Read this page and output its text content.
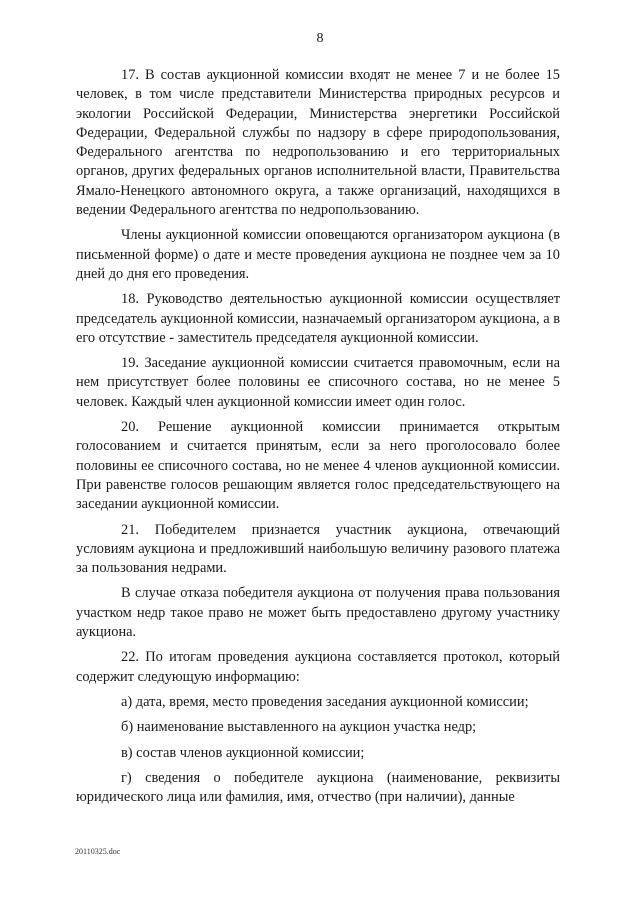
8

17. В состав аукционной комиссии входят не менее 7 и не более 15 человек, в том числе представители Министерства природных ресурсов и экологии Российской Федерации, Министерства энергетики Российской Федерации, Федеральной службы по надзору в сфере природопользования, Федерального агентства по недропользованию и его территориальных органов, других федеральных органов исполнительной власти, Правительства Ямало-Ненецкого автономного округа, а также организаций, находящихся в ведении Федерального агентства по недропользованию.

Члены аукционной комиссии оповещаются организатором аукциона (в письменной форме) о дате и месте проведения аукциона не позднее чем за 10 дней до дня его проведения.

18. Руководство деятельностью аукционной комиссии осуществляет председатель аукционной комиссии, назначаемый организатором аукциона, а в его отсутствие - заместитель председателя аукционной комиссии.

19. Заседание аукционной комиссии считается правомочным, если на нем присутствует более половины ее списочного состава, но не менее 5 человек. Каждый член аукционной комиссии имеет один голос.

20. Решение аукционной комиссии принимается открытым голосованием и считается принятым, если за него проголосовало более половины ее списочного состава, но не менее 4 членов аукционной комиссии. При равенстве голосов решающим является голос председательствующего на заседании аукционной комиссии.

21. Победителем признается участник аукциона, отвечающий условиям аукциона и предложивший наибольшую величину разового платежа за пользования недрами.

В случае отказа победителя аукциона от получения права пользования участком недр такое право не может быть предоставлено другому участнику аукциона.

22. По итогам проведения аукциона составляется протокол, который содержит следующую информацию:

а) дата, время, место проведения заседания аукционной комиссии;

б) наименование выставленного на аукцион участка недр;

в) состав членов аукционной комиссии;

г) сведения о победителе аукциона (наименование, реквизиты юридического лица или фамилия, имя, отчество (при наличии), данные

20110325.doc
